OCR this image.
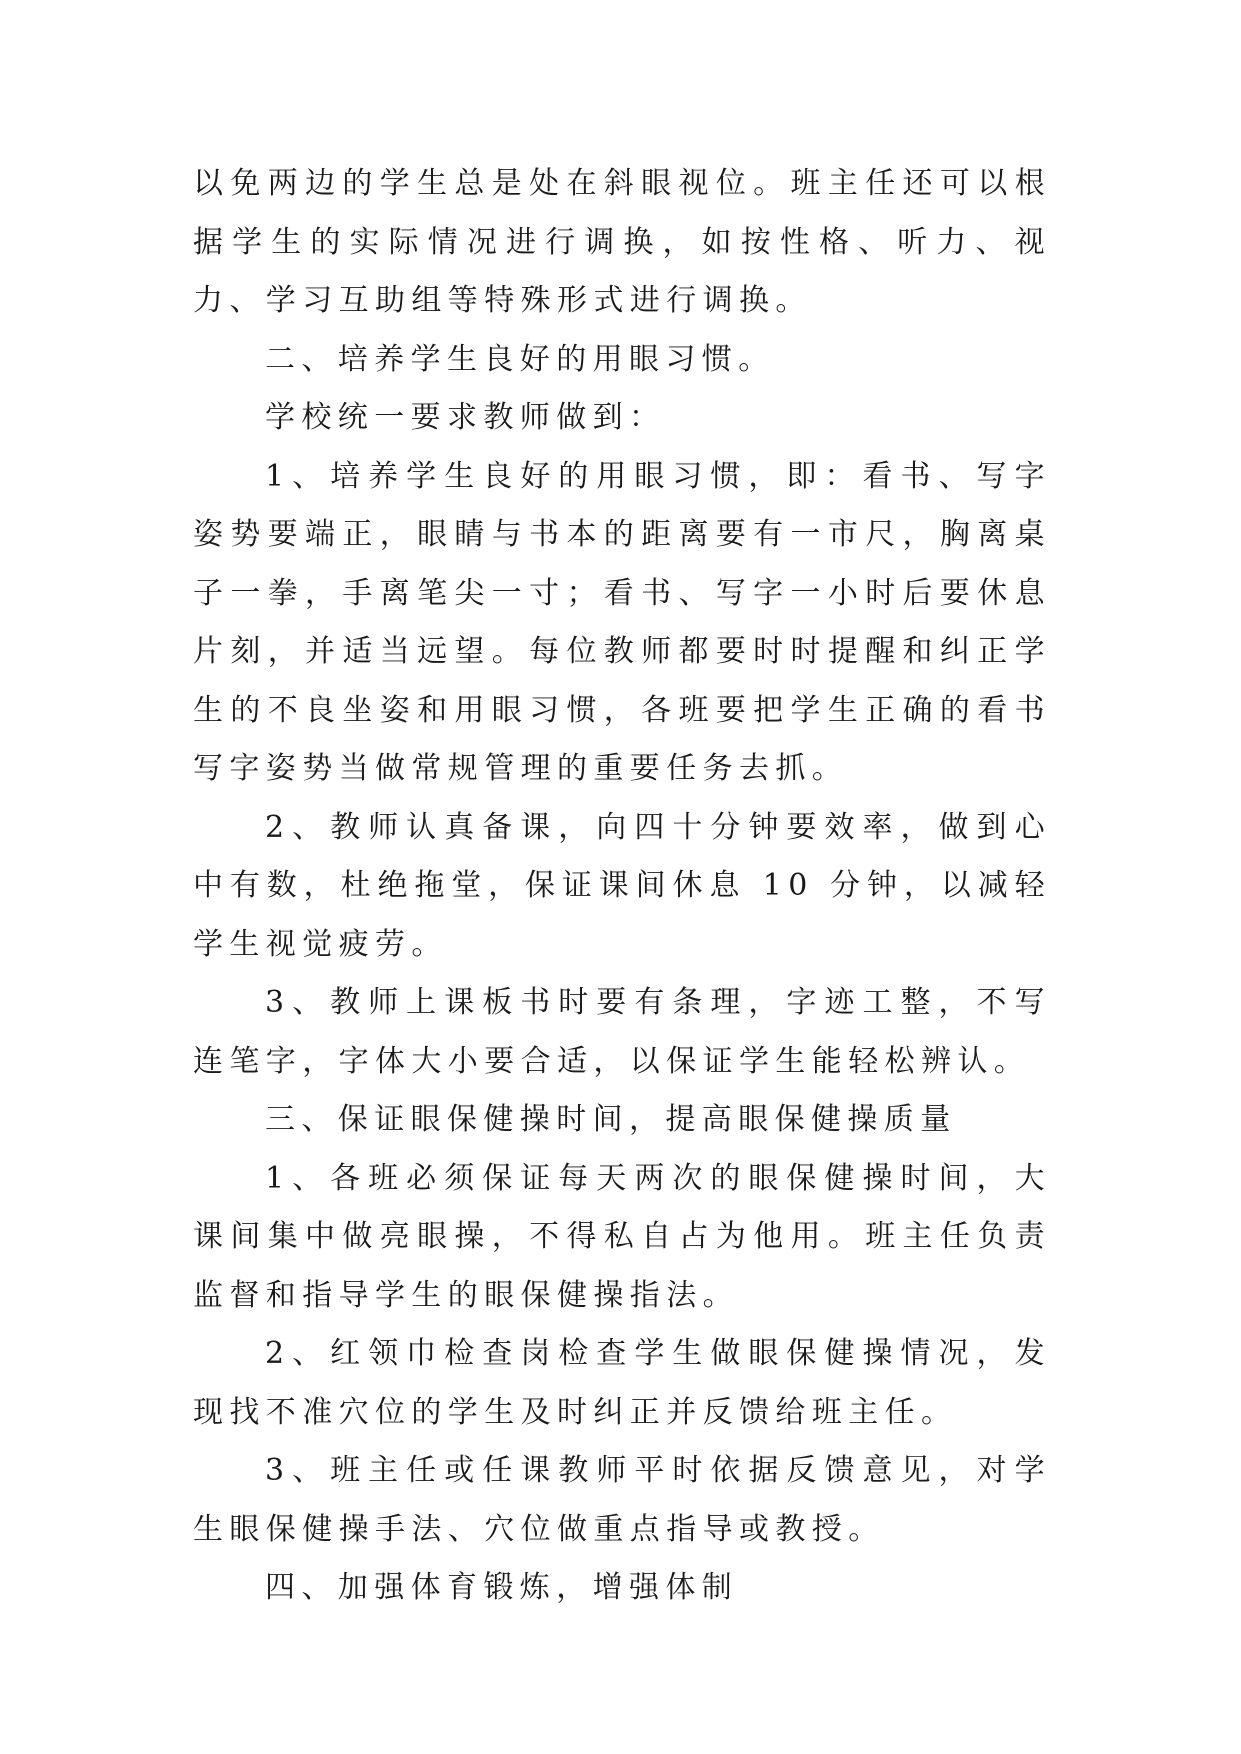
以免两边的学生总是处在斜眼视位。班主任还可以根据学生的实际情况进行调换，如按性格、听力、视力、学习互助组等特殊形式进行调换。

二、培养学生良好的用眼习惯。

学校统一要求教师做到：

1、培养学生良好的用眼习惯，即：看书、写字姿势要端正，眼睛与书本的距离要有一市尺，胸离桌子一拳，手离笔尖一寸；看书、写字一小时后要休息片刻，并适当远望。每位教师都要时时提醒和纠正学生的不良坐姿和用眼习惯，各班要把学生正确的看书写字姿势当做常规管理的重要任务去抓。

2、教师认真备课，向四十分钟要效率，做到心中有数，杜绝拖堂，保证课间休息 10 分钟，以减轻学生视觉疲劳。

3、教师上课板书时要有条理，字迹工整，不写连笔字，字体大小要合适，以保证学生能轻松辨认。

三、保证眼保健操时间，提高眼保健操质量

1、各班必须保证每天两次的眼保健操时间，大课间集中做亮眼操，不得私自占为他用。班主任负责监督和指导学生的眼保健操指法。

2、红领巾检查岗检查学生做眼保健操情况，发现找不准穴位的学生及时纠正并反馈给班主任。

3、班主任或任课教师平时依据反馈意见，对学生眼保健操手法、穴位做重点指导或教授。

四、加强体育锻炼，增强体制
